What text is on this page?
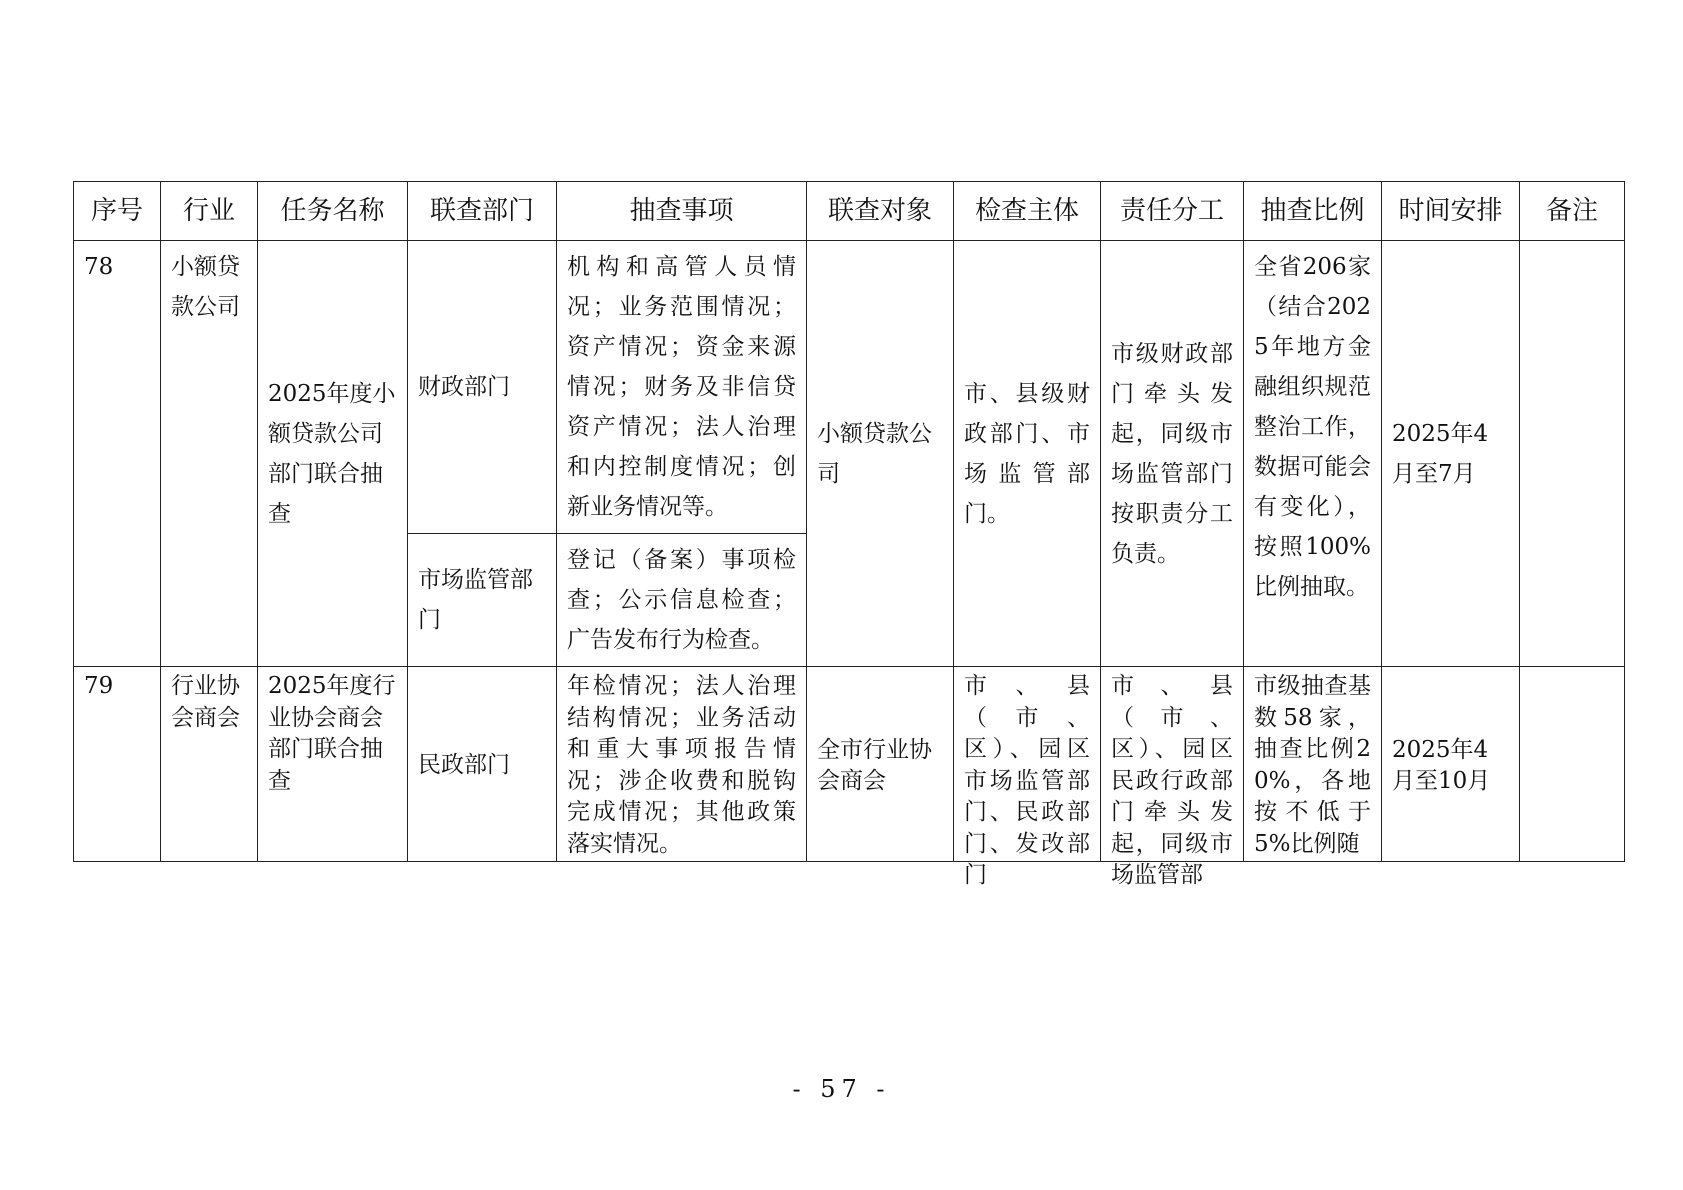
序号	行业	任务名称	联查部门	抽查事项	联查对象	检查主体	责任分工	抽查比例	时间安排	备注
78	小额贷款公司	2025年度小额贷款公司部门联合抽查	财政部门	机构和高管人员情况；业务范围情况；资产情况；资金来源情况；财务及非信贷资产情况；法人治理和内控制度情况；创新业务情况等。	小额贷款公司	市、县级财政部门、市场监管部门。	市级财政部门牵头发起，同级市场监管部门按职责分工负责。	全省206家（结合2025年地方金融组织规范整治工作，数据可能会有变化），按照100%比例抽取。	2025年4月至7月	
			市场监管部门	登记（备案）事项检查；公示信息检查；广告发布行为检查。						

79	行业协会商会	2025年度行业协会商会部门联合抽查	民政部门	年检情况；法人治理结构情况；业务活动和重大事项报告情况；涉企收费和脱钩完成情况；其他政策落实情况。	全市行业协会商会	市、县（市、区）、园区市场监管部门、民政部门、发改部门	市、县（市、区）、园区民政行政部门牵头发起，同级市场监管部	市级抽查基数58家，抽查比例20%，各地按不低于5%比例随	2025年4月至10月	

- 57 -
